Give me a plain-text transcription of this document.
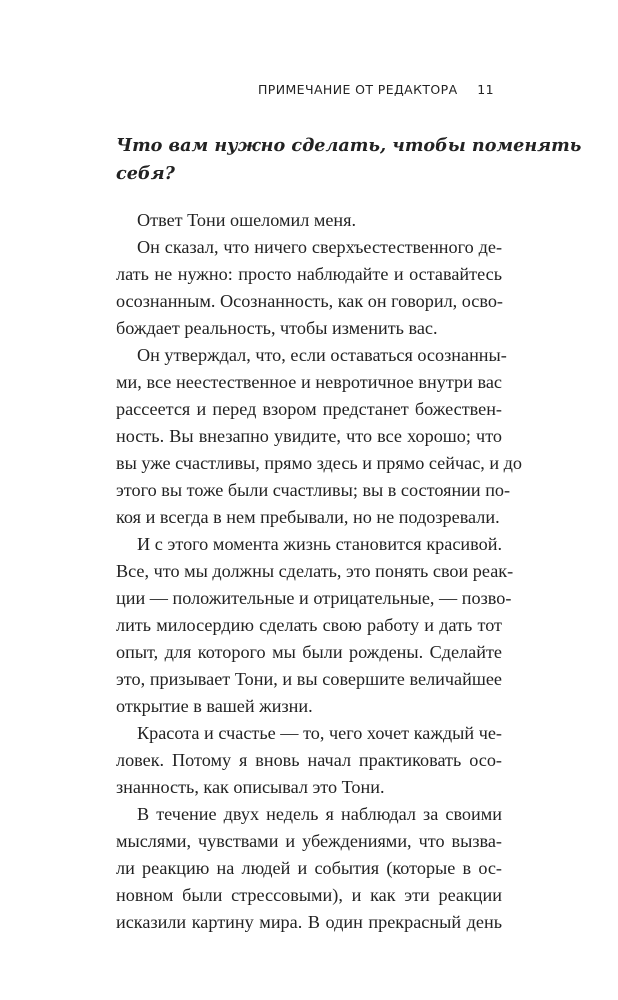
ПРИМЕЧАНИЕ ОТ РЕДАКТОРА 11
Что вам нужно сделать, чтобы поменять
себя?

Ответ Тони ошеломил меня.

Он сказал, что ничего сверхъестественного де-
лать не нужно: просто наблюдайте и оставайтесь
осознанным. Осознанность, как он говорил, осво-
бождает реальность, чтобы изменить вас.

Он утверждал, что, если оставаться осознанны-
ми, все неестественное и невротичное внутри вас
рассеется и перед взором предстанет божествен-
ность. Вы внезапно увидите, что все хорошо; что
вы уже счастливы, прямо здесь и прямо сейчас, и до
этого вы тоже были счастливы; вы в состоянии по-
коя и всегда в нем пребывали, но не подозревали.

И с этого момента жизнь становится красивой.
Все, что мы должны сделать, это понять свои реак-
ции — положительные и отрицательные, — позво-
лить милосердию сделать свою работу и дать тот
опыт, для которого мы были рождены. Сделайте
это, призывает Тони, и вы совершите величайшее
открытие в вашей жизни.

Красота и счастье — то, чего хочет каждый че-
ловек. Потому я вновь начал практиковать осо-
знанность, как описывал это Тони.

В течение двух недель я наблюдал за своими
мыслями, чувствами и убеждениями, что вызва-
ли реакцию на людей и события (которые в ос-
новном были стрессовыми), и как эти реакции
исказили картину мира. В один прекрасный день
